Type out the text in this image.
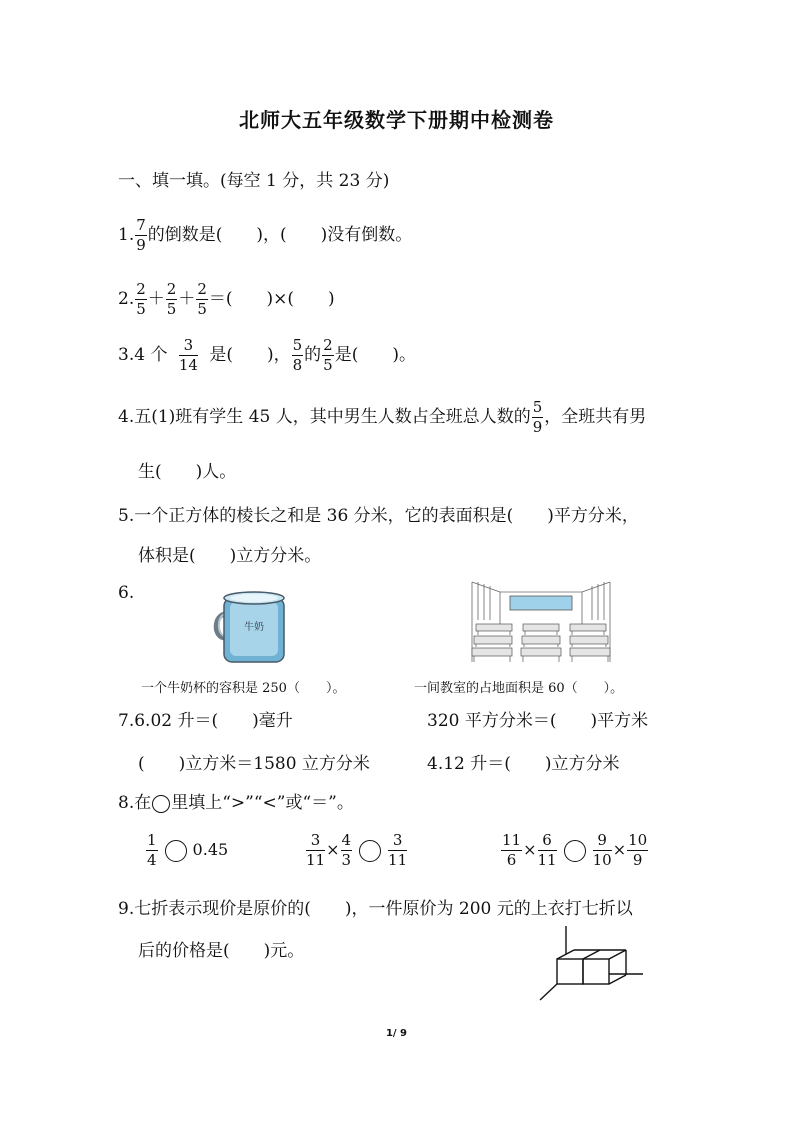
北师大五年级数学下册期中检测卷
一、填一填。(每空 1 分，共 23 分)
1. $\frac{7}{9}$ 的倒数是(　　)，(　　)没有倒数。
2. $\frac{2}{5} + \frac{2}{5} + \frac{2}{5}$ ＝(　　)×(　　)
3.4 个 $\frac{3}{14}$ 是(　　)， $\frac{5}{8}$ 的 $\frac{2}{5}$ 是(　　)。
4.五(1)班有学生 45 人，其中男生人数占全班总人数的 $\frac{5}{9}$ ，全班共有男
生(　　)人。
5.一个正方体的棱长之和是 36 分米，它的表面积是(　　)平方分米，
体积是(　　)立方分米。
6.
牛奶
一个牛奶杯的容积是 250（　　）。	一间教室的占地面积是 60（　　）。
7.6.02 升＝(　　)毫升	320 平方分米＝(　　)平方米
(　　)立方米＝1580 立方分米	4.12 升＝(　　)立方分米
8.在 里填上“>”“<”或“＝”。
$\frac{1}{4} 0.45$	$\frac{3}{11} \times \frac{4}{3} \frac{3}{11}$	$\frac{11}{6} \times \frac{6}{11} \frac{9}{10} \times \frac{10}{9}$
9.七折表示现价是原价的(　　)，一件原价为 200 元的上衣打七折以
后的价格是(　　)元。
1/ 9
